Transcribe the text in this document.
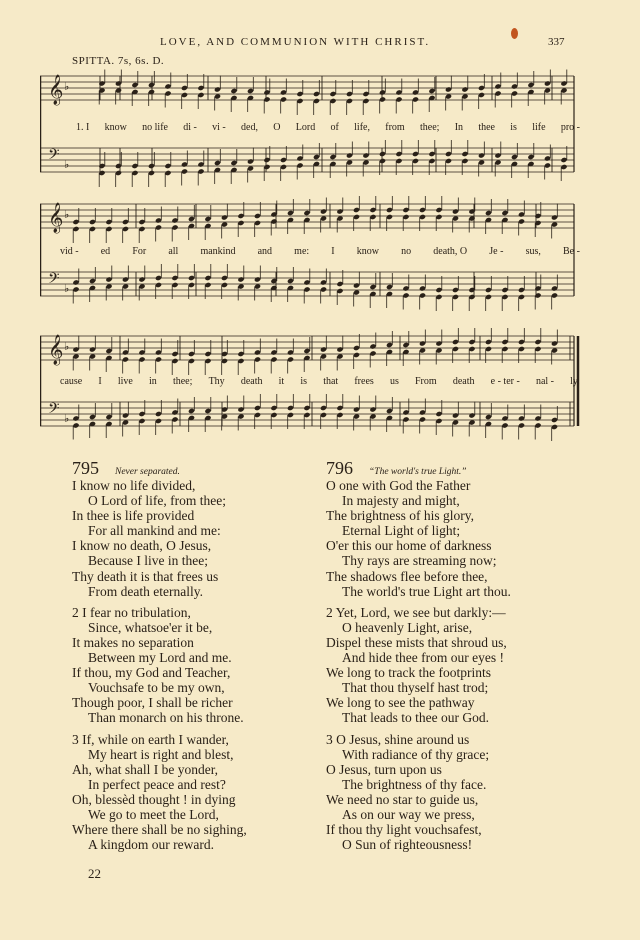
LOVE, AND COMMUNION WITH CHRIST.	337
SPITTA. 7s, 6s. D.
𝄞 ♭
𝄢 ♭
1. I know no life di - vi - ded, O Lord of life, from thee; In thee is life pro -
𝄞 ♭
𝄢 ♭
vid - ed For all mankind and me: I know no death, O Je - sus, Be -
𝄞 ♭
𝄢 ♭
cause I live in thee; Thy death it is that frees us From death e - ter - nal - ly.
795 Never separated.
I know no life divided,
O Lord of life, from thee;
In thee is life provided
For all mankind and me:
I know no death, O Jesus,
Because I live in thee;
Thy death it is that frees us
From death eternally.
2 I fear no tribulation,
Since, whatsoe'er it be,
It makes no separation
Between my Lord and me.
If thou, my God and Teacher,
Vouchsafe to be my own,
Though poor, I shall be richer
Than monarch on his throne.
3 If, while on earth I wander,
My heart is right and blest,
Ah, what shall I be yonder,
In perfect peace and rest?
Oh, blessèd thought ! in dying
We go to meet the Lord,
Where there shall be no sighing,
A kingdom our reward.
796 “The world's true Light.”
O one with God the Father
In majesty and might,
The brightness of his glory,
Eternal Light of light;
O'er this our home of darkness
Thy rays are streaming now;
The shadows flee before thee,
The world's true Light art thou.
2 Yet, Lord, we see but darkly:—
O heavenly Light, arise,
Dispel these mists that shroud us,
And hide thee from our eyes !
We long to track the footprints
That thou thyself hast trod;
We long to see the pathway
That leads to thee our God.
3 O Jesus, shine around us
With radiance of thy grace;
O Jesus, turn upon us
The brightness of thy face.
We need no star to guide us,
As on our way we press,
If thou thy light vouchsafest,
O Sun of righteousness!
22
